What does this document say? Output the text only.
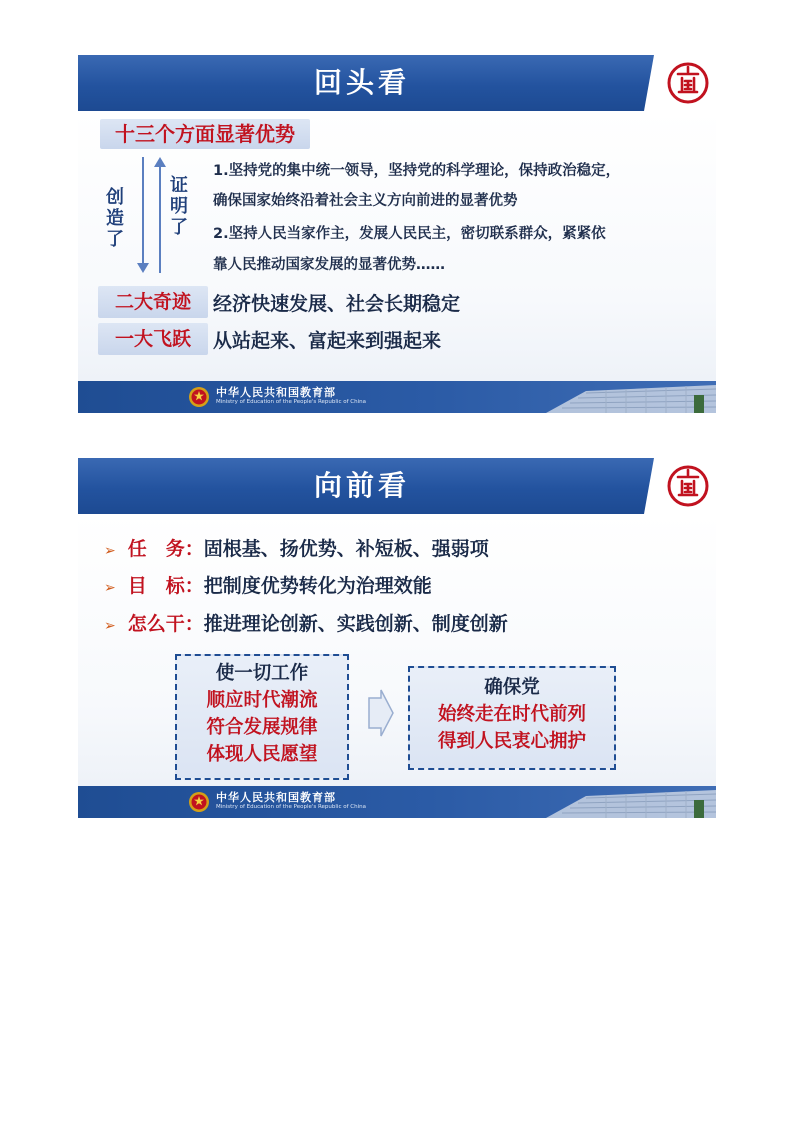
回头看
十三个方面显著优势
创
造
了
证
明
了
1.坚持党的集中统一领导，坚持党的科学理论，保持政治稳定，
确保国家始终沿着社会主义方向前进的显著优势
2.坚持人民当家作主，发展人民民主，密切联系群众，紧紧依
靠人民推动国家发展的显著优势……
二大奇迹	经济快速发展、社会长期稳定
一大飞跃	从站起来、富起来到强起来
中华人民共和国教育部
Ministry of Education of the People's Republic of China
向前看
➢ 任　务：固根基、扬优势、补短板、强弱项
➢ 目　标：把制度优势转化为治理效能
➢ 怎么干：推进理论创新、实践创新、制度创新
使一切工作
顺应时代潮流
符合发展规律
体现人民愿望
确保党
始终走在时代前列
得到人民衷心拥护
中华人民共和国教育部
Ministry of Education of the People's Republic of China
